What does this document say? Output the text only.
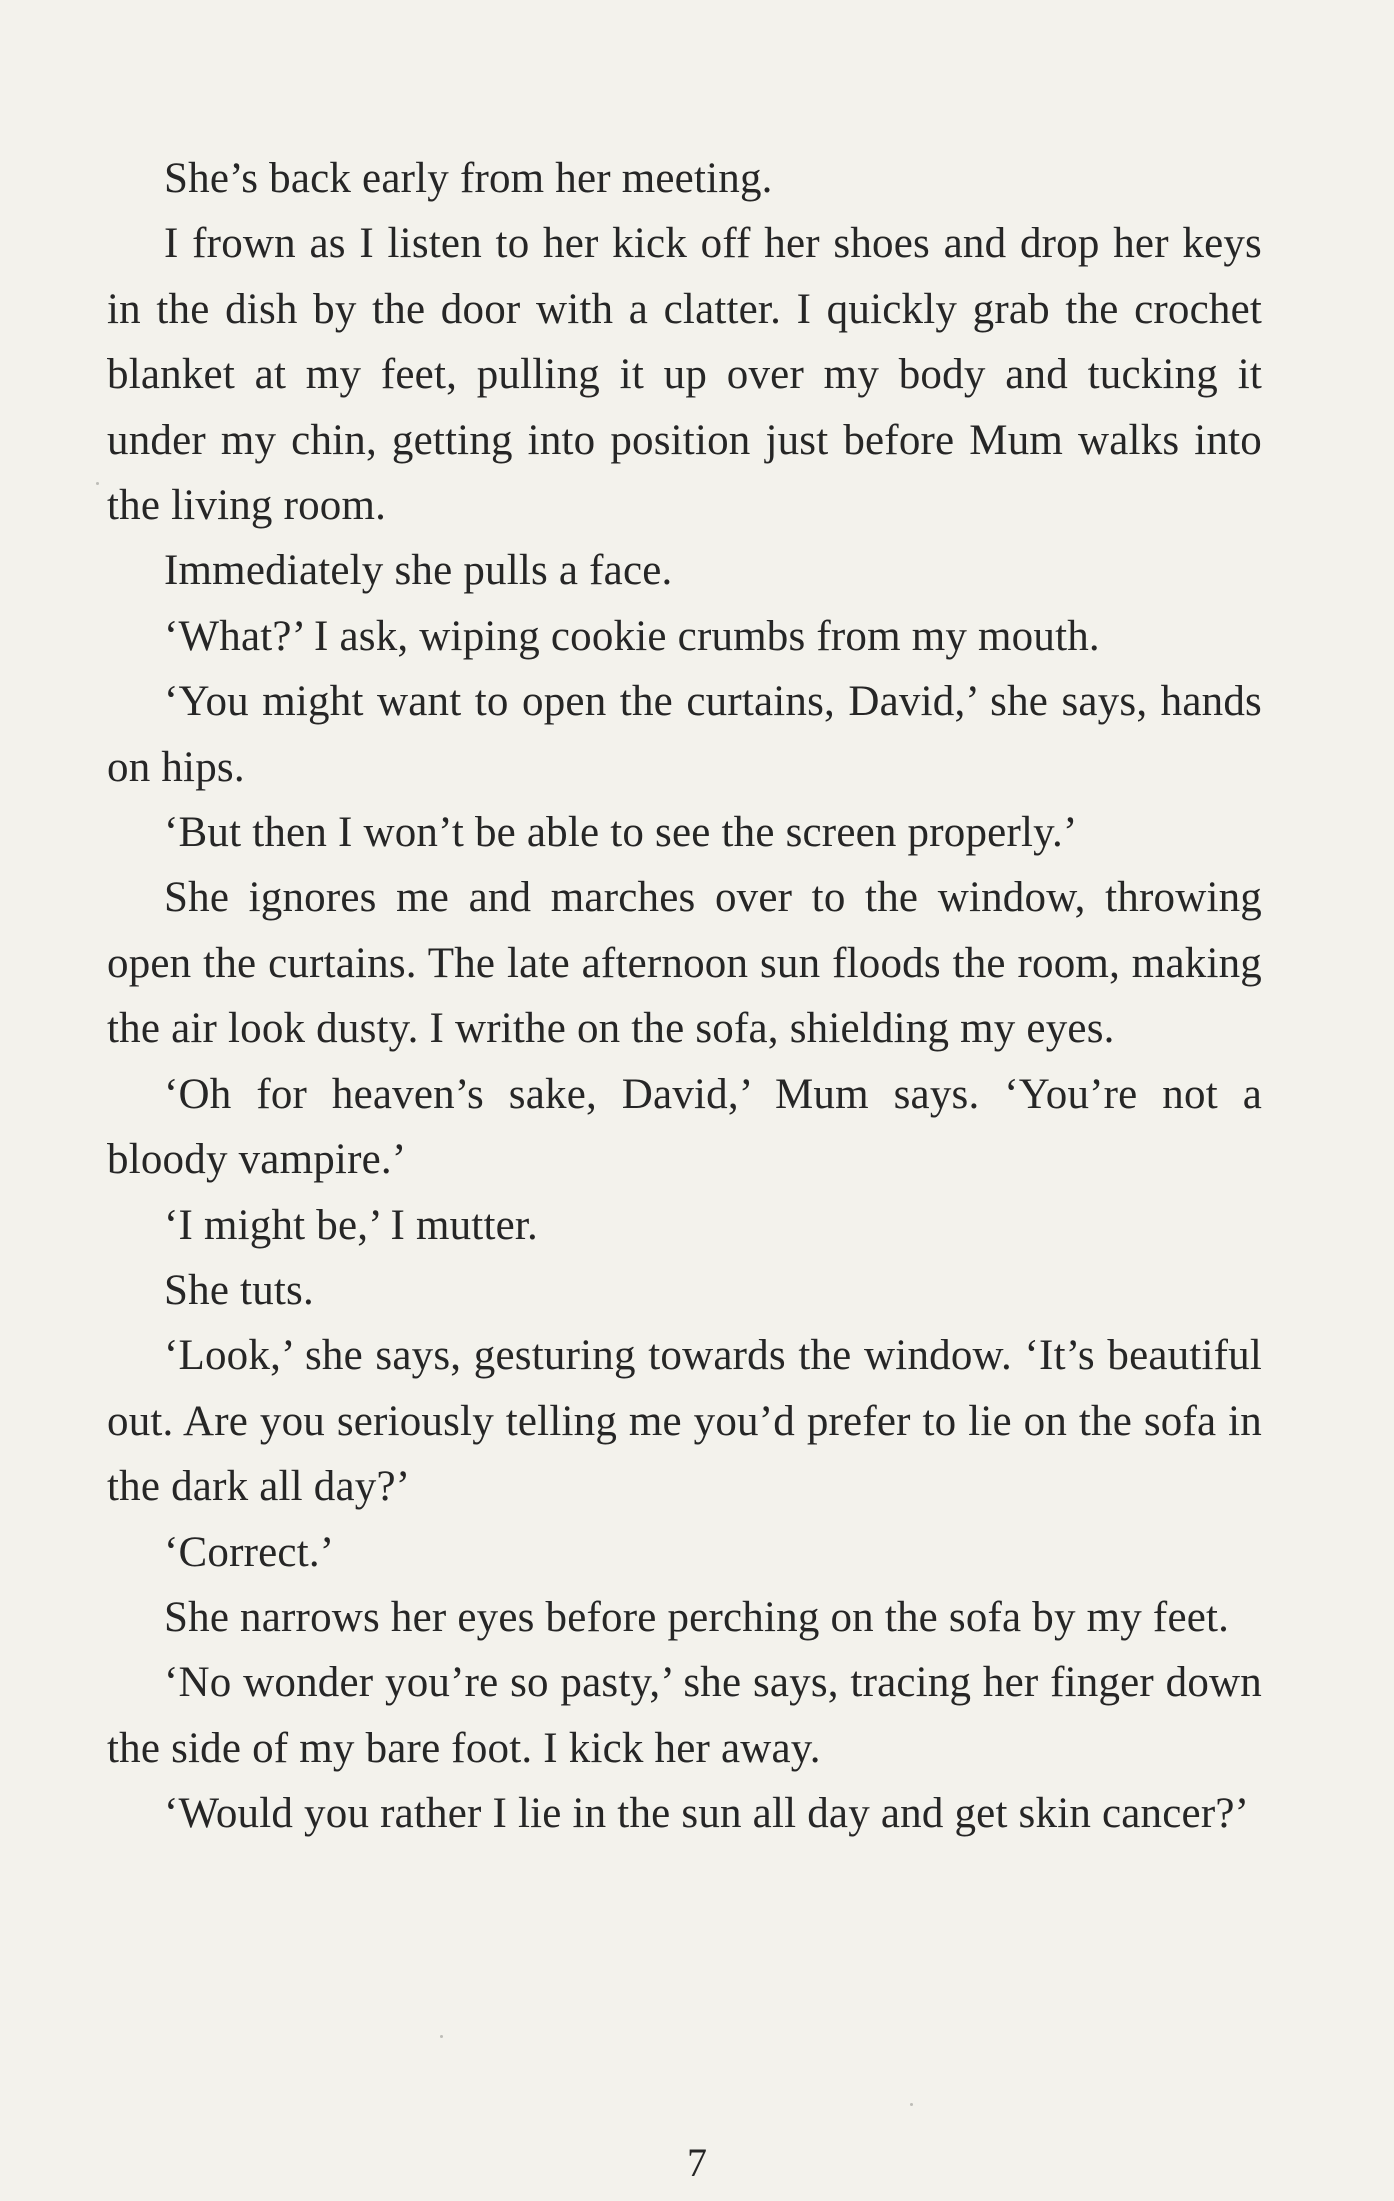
She’s back early from her meeting.

I frown as I listen to her kick off her shoes and drop her keys in the dish by the door with a clatter. I quickly grab the crochet blanket at my feet, pulling it up over my body and tucking it under my chin, getting into position just before Mum walks into the living room.

Immediately she pulls a face.

‘What?’ I ask, wiping cookie crumbs from my mouth.

‘You might want to open the curtains, David,’ she says, hands on hips.

‘But then I won’t be able to see the screen properly.’

She ignores me and marches over to the window, throwing open the curtains. The late afternoon sun floods the room, making the air look dusty. I writhe on the sofa, shielding my eyes.

‘Oh for heaven’s sake, David,’ Mum says. ‘You’re not a bloody vampire.’

‘I might be,’ I mutter.

She tuts.

‘Look,’ she says, gesturing towards the window. ‘It’s beautiful out. Are you seriously telling me you’d prefer to lie on the sofa in the dark all day?’

‘Correct.’

She narrows her eyes before perching on the sofa by my feet.

‘No wonder you’re so pasty,’ she says, tracing her finger down the side of my bare foot. I kick her away.

‘Would you rather I lie in the sun all day and get skin cancer?’

7
